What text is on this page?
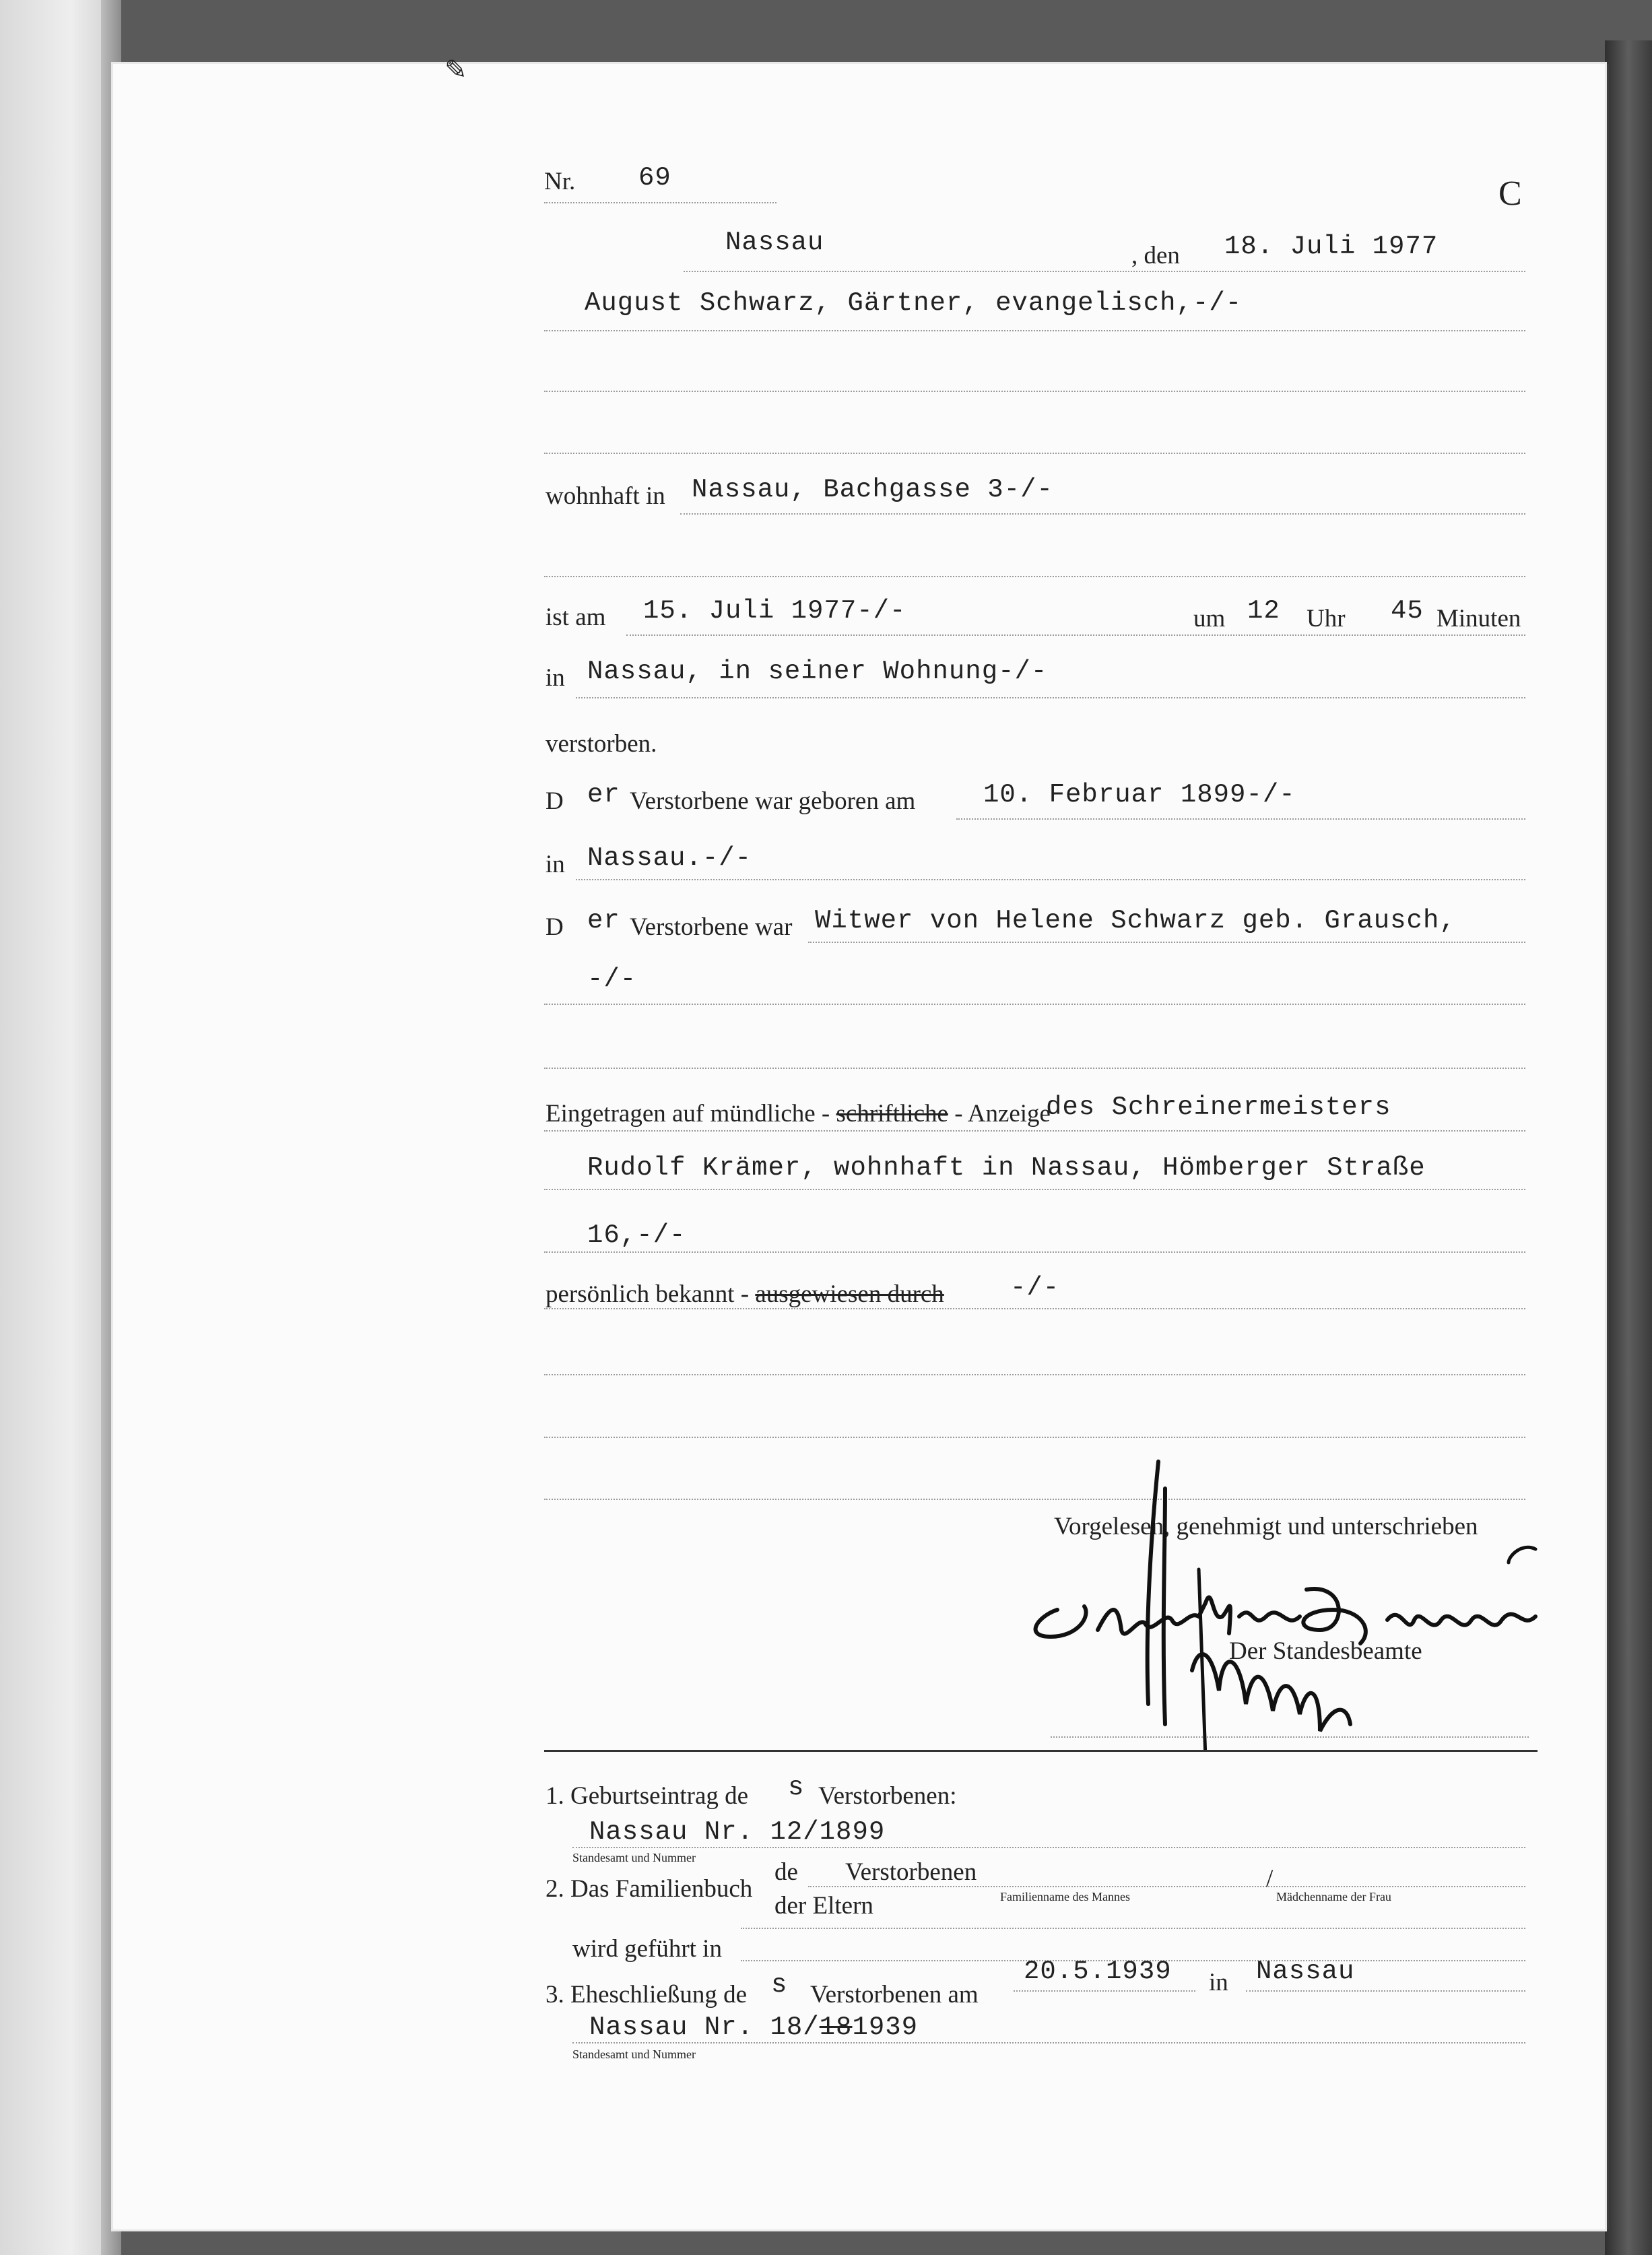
Nr. 69	C
Nassau	, den 18. Juli 1977
August Schwarz, Gärtner, evangelisch,-/-
wohnhaft in Nassau, Bachgasse 3-/-
ist am 15. Juli 1977-/-	um 12 Uhr 45 Minuten
in Nassau, in seiner Wohnung-/-
verstorben.
D er Verstorbene war geboren am	10. Februar 1899-/-
in Nassau.-/-
D er Verstorbene war Witwer von Helene Schwarz geb. Grausch,
-/-
Eingetragen auf mündliche - schriftliche - Anzeige
des Schreinermeisters
Rudolf Krämer, wohnhaft in Nassau, Hömberger Straße
16,-/-
persönlich bekannt - ausgewiesen durch	-/-
Vorgelesen, genehmigt und unterschrieben
Der Standesbeamte
1. Geburtseintrag de s Verstorbenen:
Nassau Nr. 12/1899
Standesamt und Nummer
2. Das Familienbuch
de Verstorbenen
der Eltern	Familienname des Mannes
/
Mädchenname der Frau
wird geführt in
3. Eheschließung de s Verstorbenen am
20.5.1939 in Nassau
Nassau Nr. 18/181939
Standesamt und Nummer
✎
